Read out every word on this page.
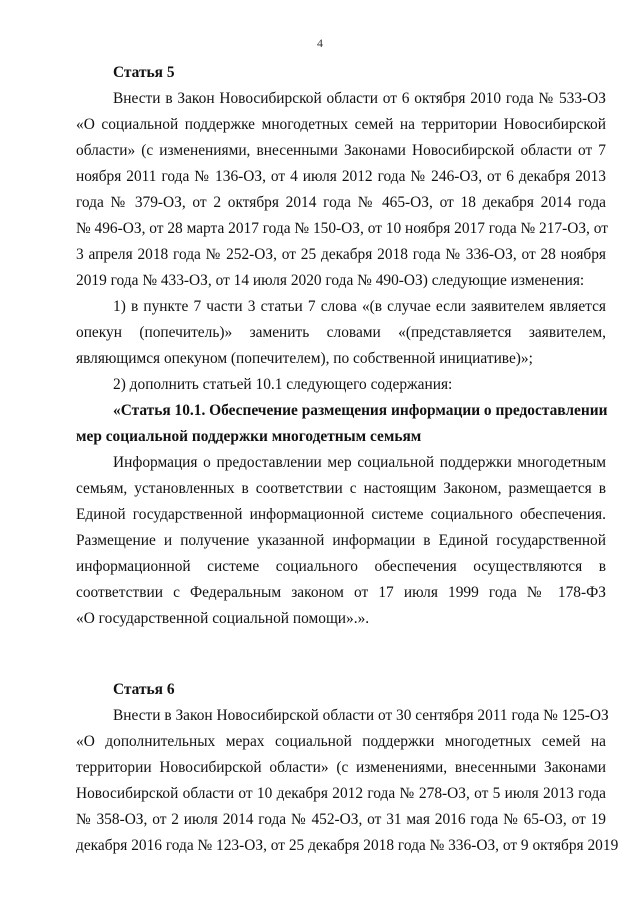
4
Статья 5
Внести в Закон Новосибирской области от 6 октября 2010 года № 533-ОЗ
«О социальной поддержке многодетных семей на территории Новосибирской
области» (с изменениями, внесенными Законами Новосибирской области от 7
ноября 2011 года № 136-ОЗ, от 4 июля 2012 года № 246-ОЗ, от 6 декабря 2013
года № 379-ОЗ, от 2 октября 2014 года № 465-ОЗ, от 18 декабря 2014 года
№ 496-ОЗ, от 28 марта 2017 года № 150-ОЗ, от 10 ноября 2017 года № 217-ОЗ, от
3 апреля 2018 года № 252-ОЗ, от 25 декабря 2018 года № 336-ОЗ, от 28 ноября
2019 года № 433-ОЗ, от 14 июля 2020 года № 490-ОЗ) следующие изменения:
1) в пункте 7 части 3 статьи 7 слова «(в случае если заявителем является
опекун (попечитель)» заменить словами «(представляется заявителем,
являющимся опекуном (попечителем), по собственной инициативе)»;
2) дополнить статьей 10.1 следующего содержания:
«Статья 10.1. Обеспечение размещения информации о предоставлении
мер социальной поддержки многодетным семьям
Информация о предоставлении мер социальной поддержки многодетным
семьям, установленных в соответствии с настоящим Законом, размещается в
Единой государственной информационной системе социального обеспечения.
Размещение и получение указанной информации в Единой государственной
информационной системе социального обеспечения осуществляются в
соответствии с Федеральным законом от 17 июля 1999 года № 178-ФЗ
«О государственной социальной помощи».».
Статья 6
Внести в Закон Новосибирской области от 30 сентября 2011 года № 125-ОЗ
«О дополнительных мерах социальной поддержки многодетных семей на
территории Новосибирской области» (с изменениями, внесенными Законами
Новосибирской области от 10 декабря 2012 года № 278-ОЗ, от 5 июля 2013 года
№ 358-ОЗ, от 2 июля 2014 года № 452-ОЗ, от 31 мая 2016 года № 65-ОЗ, от 19
декабря 2016 года № 123-ОЗ, от 25 декабря 2018 года № 336-ОЗ, от 9 октября 2019
